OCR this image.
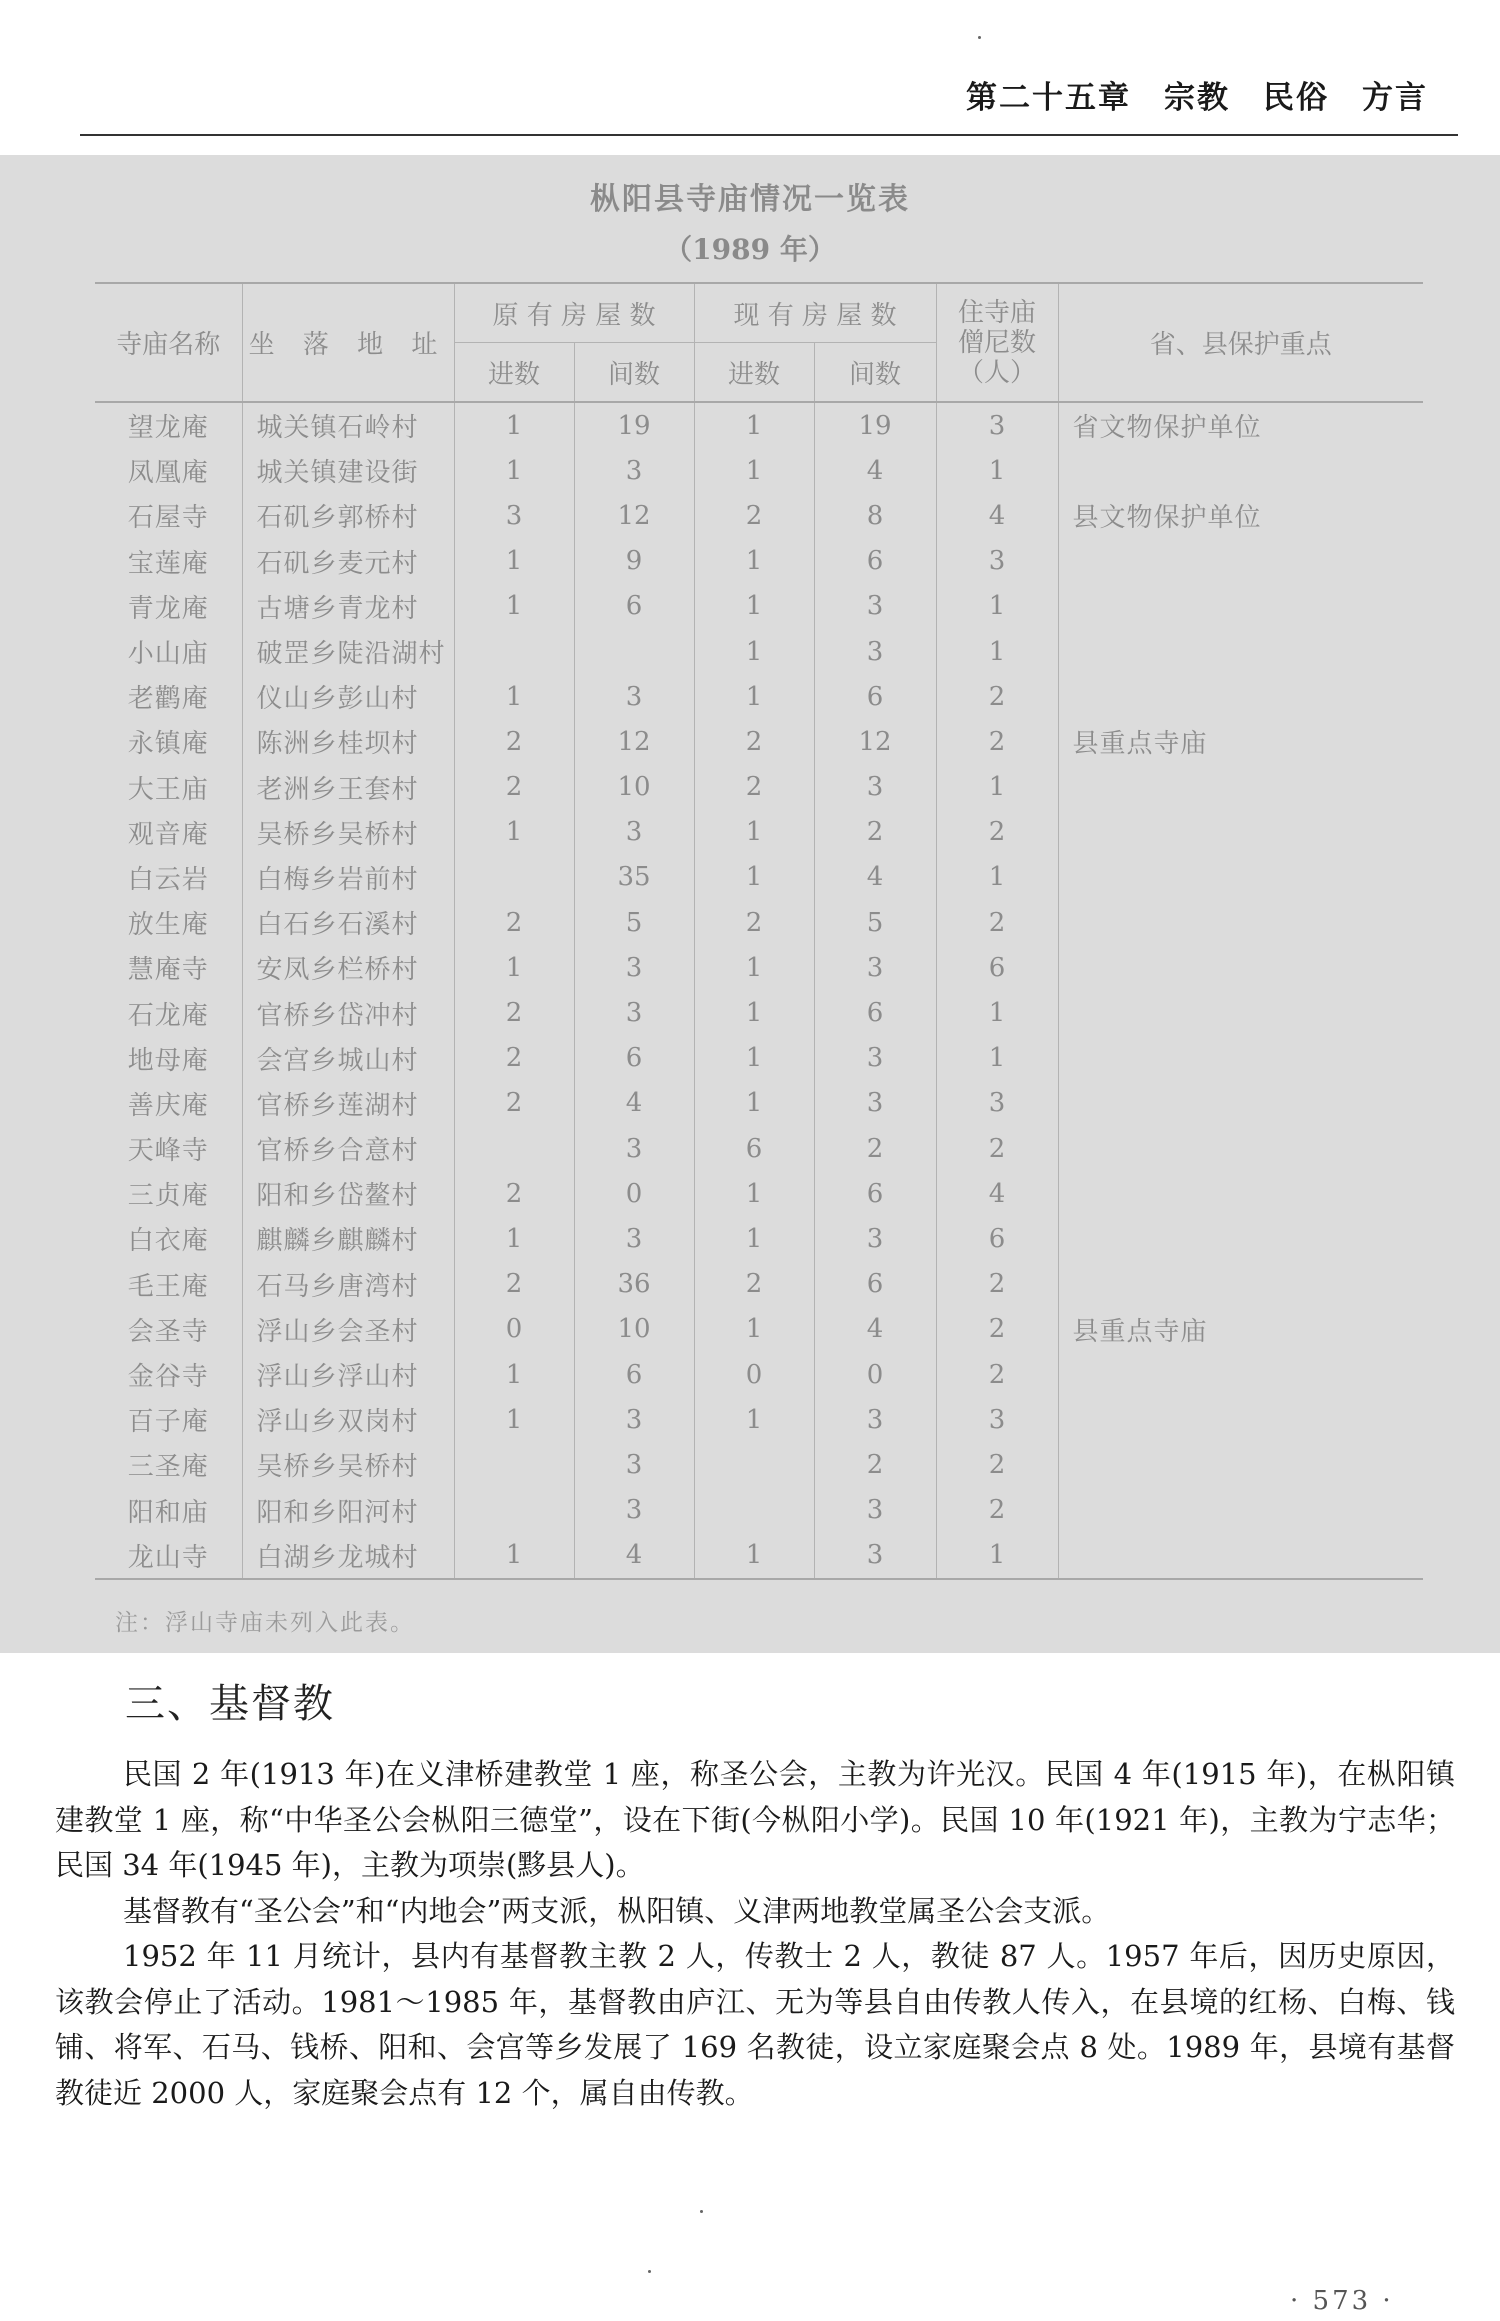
第二十五章　宗教　民俗　方言
枞阳县寺庙情况一览表
（1989 年）
寺庙名称	坐 落 地 址	原 有 房 屋 数		现 有 房 屋 数		住寺庙僧尼数（人）	省、县保护重点
		进数	间数	进数	间数		
望龙庵	城关镇石岭村	1	19	1	19	3	省文物保护单位
凤凰庵	城关镇建设街	1	3	1	4	1	
石屋寺	石矶乡郭桥村	3	12	2	8	4	县文物保护单位
宝莲庵	石矶乡麦元村	1	9	1	6	3	
青龙庵	古塘乡青龙村	1	6	1	3	1	
小山庙	破罡乡陡沿湖村			1	3	1	
老鹳庵	仪山乡彭山村	1	3	1	6	2	
永镇庵	陈洲乡桂坝村	2	12	2	12	2	县重点寺庙
大王庙	老洲乡王套村	2	10	2	3	1	
观音庵	吴桥乡吴桥村	1	3	1	2	2	
白云岩	白梅乡岩前村		35	1	4	1	
放生庵	白石乡石溪村	2	5	2	5	2	
慧庵寺	安凤乡栏桥村	1	3	1	3	6	
石龙庵	官桥乡岱冲村	2	3	1	6	1	
地母庵	会宫乡城山村	2	6	1	3	1	
善庆庵	官桥乡莲湖村	2	4	1	3	3	
天峰寺	官桥乡合意村		3	6	2	2	
三贞庵	阳和乡岱鳌村	2	0	1	6	4	
白衣庵	麒麟乡麒麟村	1	3	1	3	6	
毛王庵	石马乡唐湾村	2	36	2	6	2	
会圣寺	浮山乡会圣村	0	10	1	4	2	县重点寺庙
金谷寺	浮山乡浮山村	1	6	0	0	2	
百子庵	浮山乡双岗村	1	3	1	3	3	
三圣庵	吴桥乡吴桥村		3		2	2	
阳和庙	阳和乡阳河村		3		3	2	
龙山寺	白湖乡龙城村	1	4	1	3	1	
注：浮山寺庙未列入此表。
三、基督教

民国 2 年(1913 年)在义津桥建教堂 1 座，称圣公会，主教为许光汉。民国 4 年(1915 年)，在枞阳镇建教堂 1 座，称“中华圣公会枞阳三德堂”，设在下街(今枞阳小学)。民国 10 年(1921 年)，主教为宁志华；民国 34 年(1945 年)，主教为项崇(黟县人)。

基督教有“圣公会”和“内地会”两支派，枞阳镇、义津两地教堂属圣公会支派。

1952 年 11 月统计，县内有基督教主教 2 人，传教士 2 人，教徒 87 人。1957 年后，因历史原因，该教会停止了活动。1981～1985 年，基督教由庐江、无为等县自由传教人传入，在县境的红杨、白梅、钱铺、将军、石马、钱桥、阳和、会宫等乡发展了 169 名教徒，设立家庭聚会点 8 处。1989 年，县境有基督教徒近 2000 人，家庭聚会点有 12 个，属自由传教。

· 573 ·
